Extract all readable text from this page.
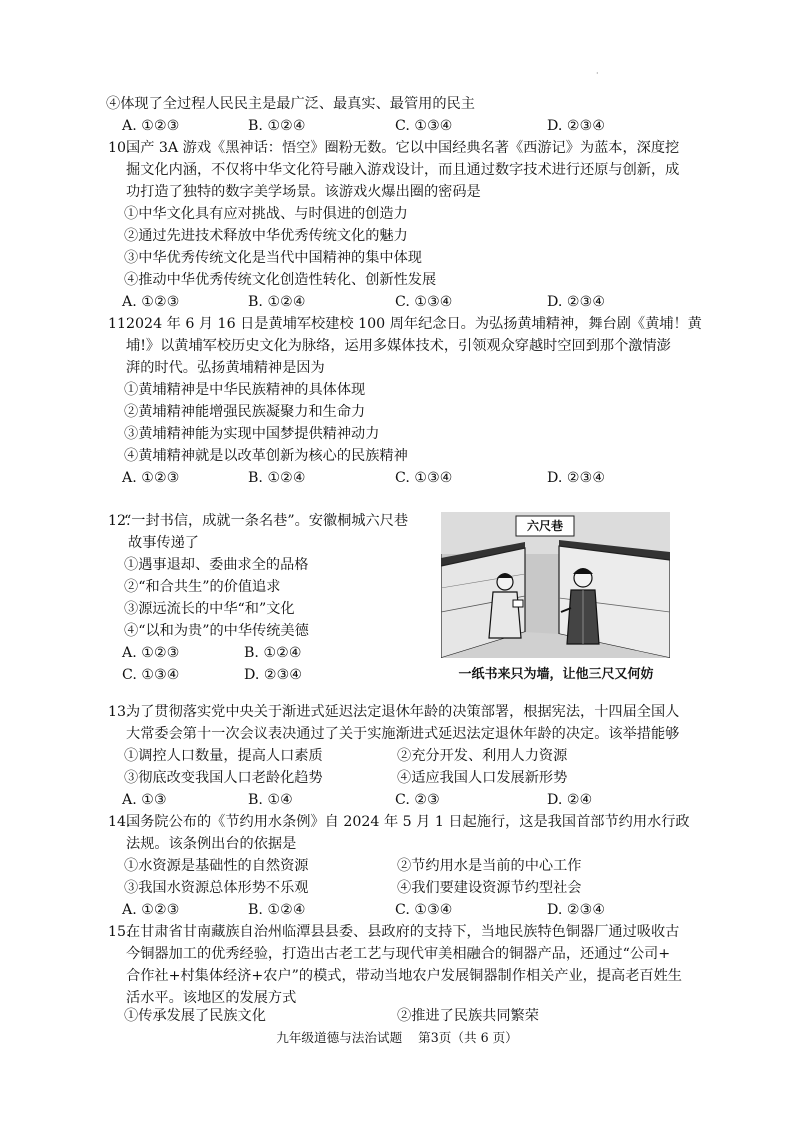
·
④体现了全过程人民民主是最广泛、最真实、最管用的民主
A. ①②③	B. ①②④	C. ①③④	D. ②③④
10.
国产 3A 游戏《黑神话：悟空》圈粉无数。它以中国经典名著《西游记》为蓝本，深度挖
掘文化内涵，不仅将中华文化符号融入游戏设计，而且通过数字技术进行还原与创新，成
功打造了独特的数字美学场景。该游戏火爆出圈的密码是
①中华文化具有应对挑战、与时俱进的创造力
②通过先进技术释放中华优秀传统文化的魅力
③中华优秀传统文化是当代中国精神的集中体现
④推动中华优秀传统文化创造性转化、创新性发展
A. ①②③	B. ①②④	C. ①③④	D. ②③④
11.
2024 年 6 月 16 日是黄埔军校建校 100 周年纪念日。为弘扬黄埔精神，舞台剧《黄埔！黄
埔!》以黄埔军校历史文化为脉络，运用多媒体技术，引领观众穿越时空回到那个激情澎
湃的时代。弘扬黄埔精神是因为
①黄埔精神是中华民族精神的具体体现
②黄埔精神能增强民族凝聚力和生命力
③黄埔精神能为实现中国梦提供精神动力
④黄埔精神就是以改革创新为核心的民族精神
A. ①②③	B. ①②④	C. ①③④	D. ②③④
12.
“一封书信，成就一条名巷”。安徽桐城六尺巷
故事传递了
①遇事退却、委曲求全的品格
②“和合共生”的价值追求
③源远流长的中华“和”文化
④“以和为贵”的中华传统美德
A. ①②③	B. ①②④
C. ①③④	D. ②③④
六尺巷
一纸书来只为墙，让他三尺又何妨
13.
为了贯彻落实党中央关于渐进式延迟法定退休年龄的决策部署，根据宪法，十四届全国人
大常委会第十一次会议表决通过了关于实施渐进式延迟法定退休年龄的决定。该举措能够
①调控人口数量，提高人口素质	②充分开发、利用人力资源
③彻底改变我国人口老龄化趋势	④适应我国人口发展新形势
A. ①③	B. ①④	C. ②③	D. ②④
14.
国务院公布的《节约用水条例》自 2024 年 5 月 1 日起施行，这是我国首部节约用水行政
法规。该条例出台的依据是
①水资源是基础性的自然资源	②节约用水是当前的中心工作
③我国水资源总体形势不乐观	④我们要建设资源节约型社会
A. ①②③	B. ①②④	C. ①③④	D. ②③④
15.
在甘肃省甘南藏族自治州临潭县县委、县政府的支持下，当地民族特色铜器厂通过吸收古
今铜器加工的优秀经验，打造出古老工艺与现代审美相融合的铜器产品，还通过“公司+
合作社+村集体经济+农户”的模式，带动当地农户发展铜器制作相关产业，提高老百姓生
活水平。该地区的发展方式
①传承发展了民族文化	②推进了民族共同繁荣
九年级道德与法治试题 第3页（共 6 页）
